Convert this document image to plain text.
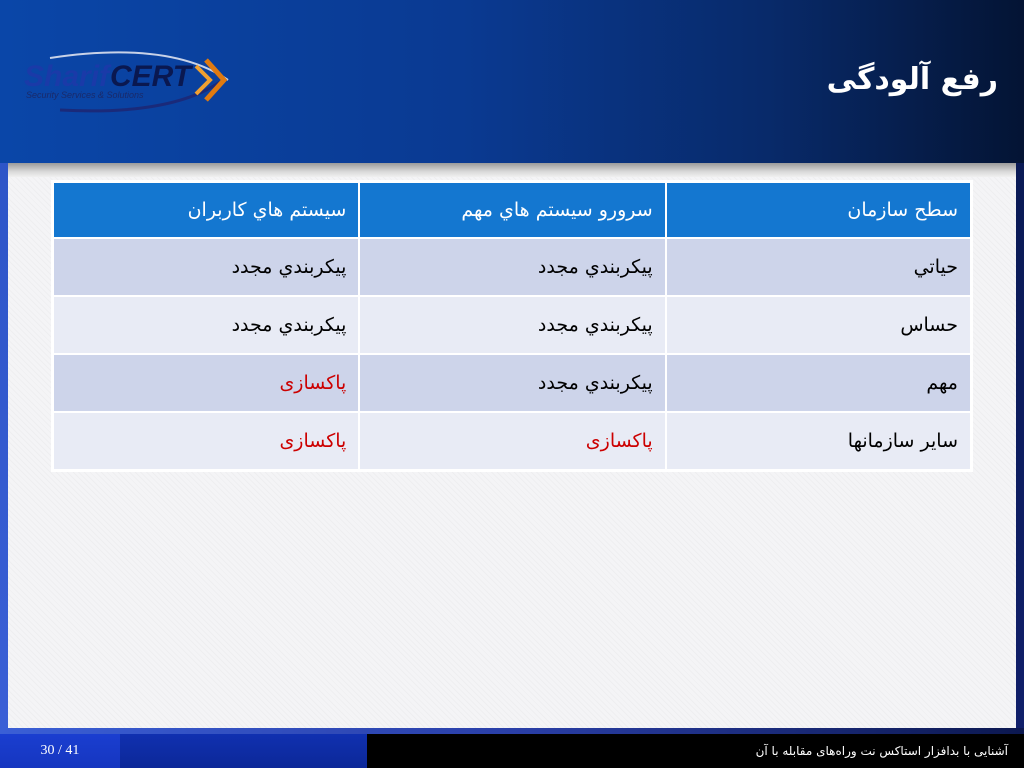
Sharif CERT
Security Services & Solutions	رفع آلودگی
سطح سازمان	سرورو سيستم هاي مهم	سيستم هاي كاربران
حياتي	پيكربندي مجدد	پيكربندي مجدد
حساس	پيكربندي مجدد	پيكربندي مجدد
مهم	پيكربندي مجدد	پاکسازی
ساير سازمانها	پاکسازی	پاکسازی
30 / 41	آشنایی با بدافزار استاکس نت وراه‌های مقابله با آن
